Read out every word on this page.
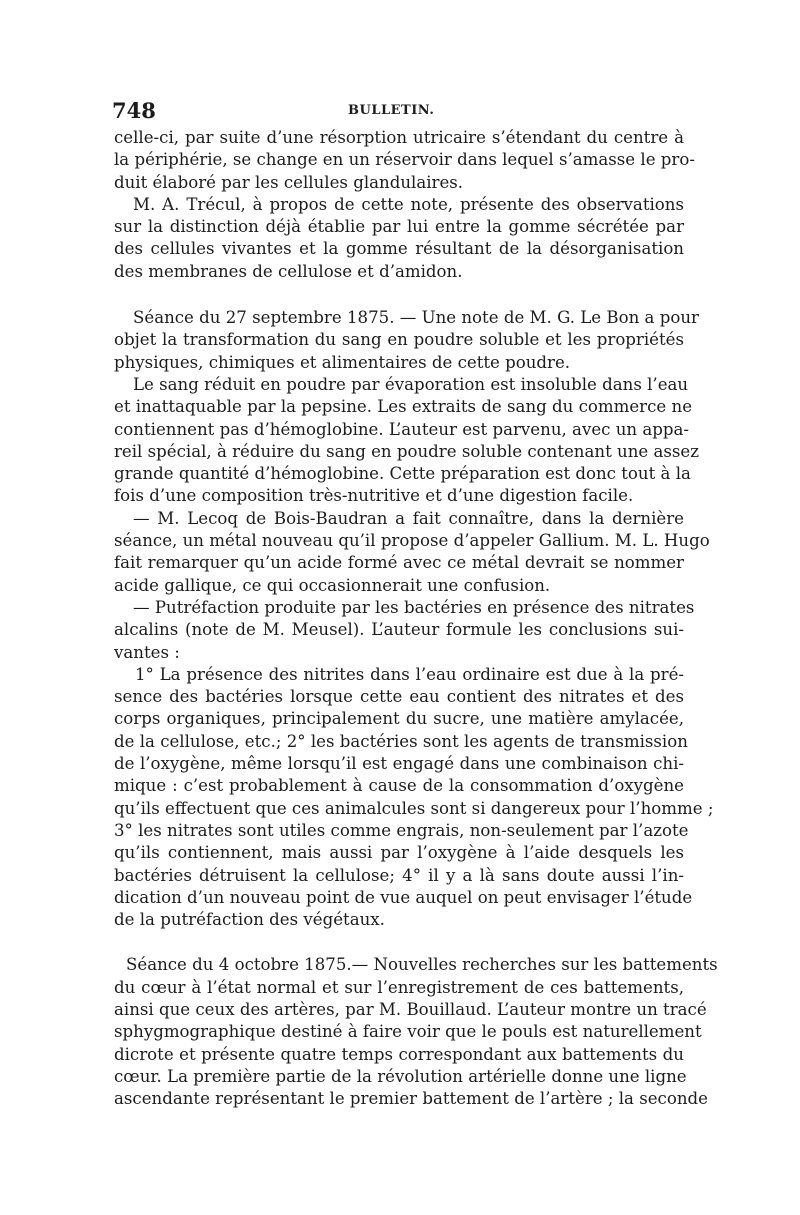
748	BULLETIN.
celle-ci, par suite d’une résorption utricaire s’étendant du centre à
la périphérie, se change en un réservoir dans lequel s’amasse le pro-
duit élaboré par les cellules glandulaires.
M. A. Trécul, à propos de cette note, présente des observations
sur la distinction déjà établie par lui entre la gomme sécrétée par
des cellules vivantes et la gomme résultant de la désorganisation
des membranes de cellulose et d’amidon.
Séance du 27 septembre 1875. — Une note de M. G. Le Bon a pour
objet la transformation du sang en poudre soluble et les propriétés
physiques, chimiques et alimentaires de cette poudre.
Le sang réduit en poudre par évaporation est insoluble dans l’eau
et inattaquable par la pepsine. Les extraits de sang du commerce ne
contiennent pas d’hémoglobine. L’auteur est parvenu, avec un appa-
reil spécial, à réduire du sang en poudre soluble contenant une assez
grande quantité d’hémoglobine. Cette préparation est donc tout à la
fois d’une composition très-nutritive et d’une digestion facile.
— M. Lecoq de Bois-Baudran a fait connaître, dans la dernière
séance, un métal nouveau qu’il propose d’appeler Gallium. M. L. Hugo
fait remarquer qu’un acide formé avec ce métal devrait se nommer
acide gallique, ce qui occasionnerait une confusion.
— Putréfaction produite par les bactéries en présence des nitrates
alcalins (note de M. Meusel). L’auteur formule les conclusions sui-
vantes :
1° La présence des nitrites dans l’eau ordinaire est due à la pré-
sence des bactéries lorsque cette eau contient des nitrates et des
corps organiques, principalement du sucre, une matière amylacée,
de la cellulose, etc.; 2° les bactéries sont les agents de transmission
de l’oxygène, même lorsqu’il est engagé dans une combinaison chi-
mique : c’est probablement à cause de la consommation d’oxygène
qu’ils effectuent que ces animalcules sont si dangereux pour l’homme ;
3° les nitrates sont utiles comme engrais, non-seulement par l’azote
qu’ils contiennent, mais aussi par l’oxygène à l’aide desquels les
bactéries détruisent la cellulose; 4° il y a là sans doute aussi l’in-
dication d’un nouveau point de vue auquel on peut envisager l’étude
de la putréfaction des végétaux.
Séance du 4 octobre 1875.— Nouvelles recherches sur les battements
du cœur à l’état normal et sur l’enregistrement de ces battements,
ainsi que ceux des artères, par M. Bouillaud. L’auteur montre un tracé
sphygmographique destiné à faire voir que le pouls est naturellement
dicrote et présente quatre temps correspondant aux battements du
cœur. La première partie de la révolution artérielle donne une ligne
ascendante représentant le premier battement de l’artère ; la seconde
